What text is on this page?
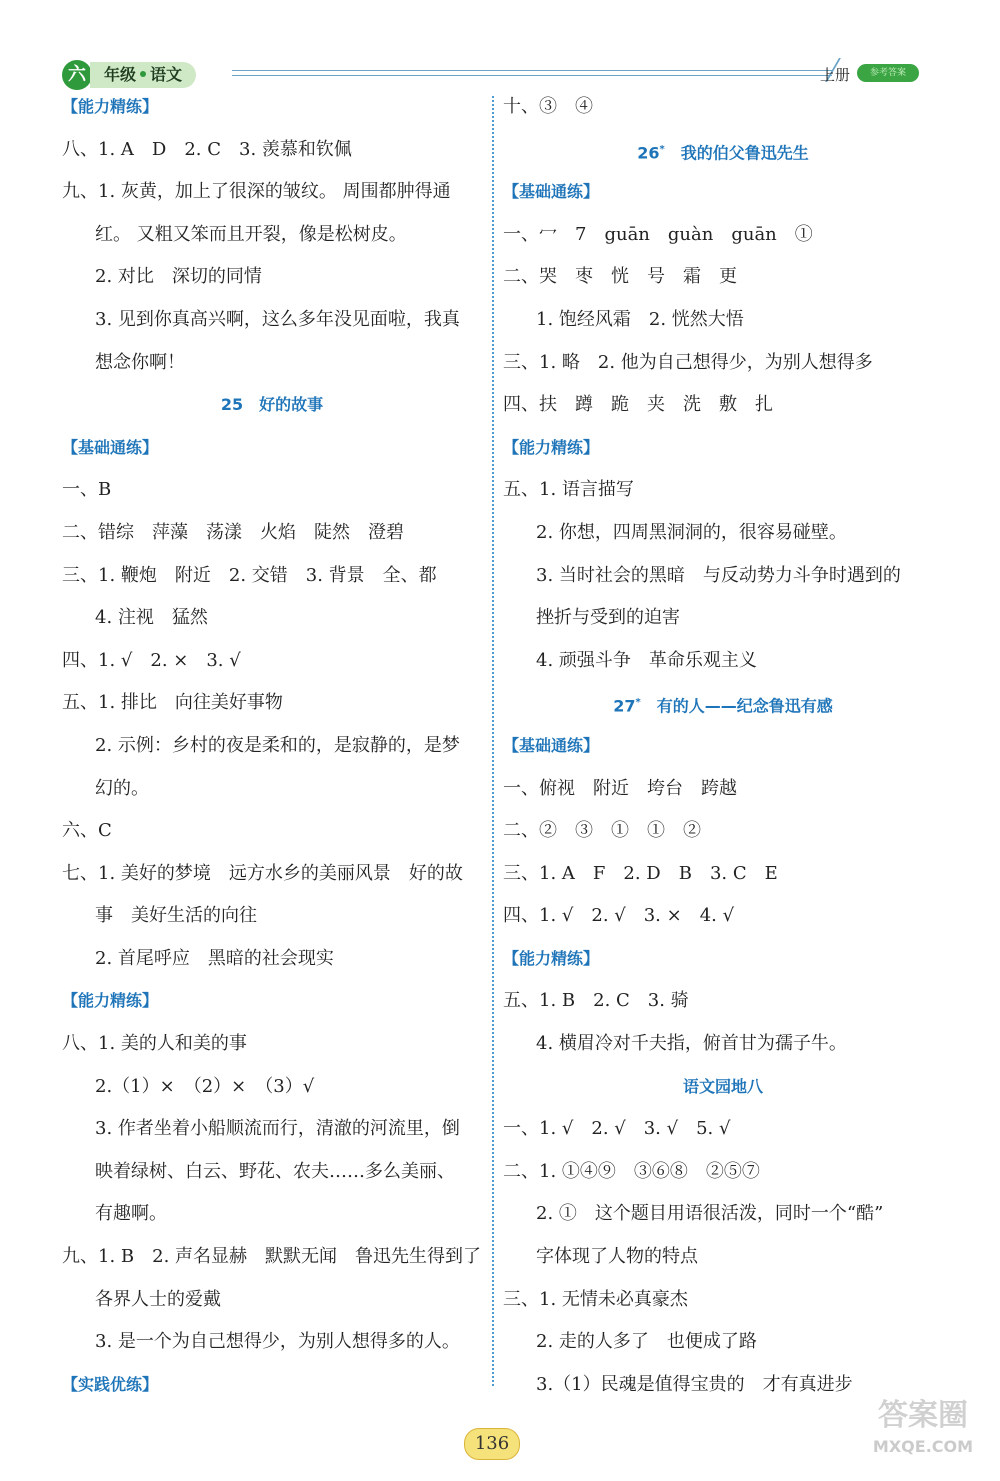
六	年级 语文	上册	参考答案
【能力精练】
八、1. A　D　2. C　3. 羡慕和钦佩
九、1. 灰黄，加上了很深的皱纹。 周围都肿得通
红。 又粗又笨而且开裂，像是松树皮。
2. 对比　深切的同情
3. 见到你真高兴啊，这么多年没见面啦，我真
想念你啊！
25　好的故事
【基础通练】
一、B
二、错综　萍藻　荡漾　火焰　陡然　澄碧
三、1. 鞭炮　附近　2. 交错　3. 背景　全、都
4. 注视　猛然
四、1. √　2. ×　3. √
五、1. 排比　向往美好事物
2. 示例：乡村的夜是柔和的，是寂静的，是梦
幻的。
六、C
七、1. 美好的梦境　远方水乡的美丽风景　好的故
事　美好生活的向往
2. 首尾呼应　黑暗的社会现实
【能力精练】
八、1. 美的人和美的事
2.（1）×　（2）×　（3）√
3. 作者坐着小船顺流而行，清澈的河流里，倒
映着绿树、白云、野花、农夫……多么美丽、
有趣啊。
九、1. B　2. 声名显赫　默默无闻　鲁迅先生得到了
各界人士的爱戴
3. 是一个为自己想得少，为别人想得多的人。
【实践优练】
十、③　④
26*　我的伯父鲁迅先生
【基础通练】
一、冖　7　guān　guàn　guān　①
二、哭　枣　恍　号　霜　更
1. 饱经风霜　2. 恍然大悟
三、1. 略　2. 他为自己想得少，为别人想得多
四、扶　蹲　跪　夹　洗　敷　扎
【能力精练】
五、1. 语言描写
2. 你想，四周黑洞洞的，很容易碰壁。
3. 当时社会的黑暗　与反动势力斗争时遇到的
挫折与受到的迫害
4. 顽强斗争　革命乐观主义
27*　有的人——纪念鲁迅有感
【基础通练】
一、俯视　附近　垮台　跨越
二、②　③　①　①　②
三、1. A　F　2. D　B　3. C　E
四、1. √　2. √　3. ×　4. √
【能力精练】
五、1. B　2. C　3. 骑
4. 横眉冷对千夫指，俯首甘为孺子牛。
语文园地八
一、1. √　2. √　3. √　5. √
二、1. ①④⑨　③⑥⑧　②⑤⑦
2. ①　这个题目用语很活泼，同时一个“酷”
字体现了人物的特点
三、1. 无情未必真豪杰
2. 走的人多了　也便成了路
3.（1）民魂是值得宝贵的　才有真进步
136
答案圈
MXQE.COM
